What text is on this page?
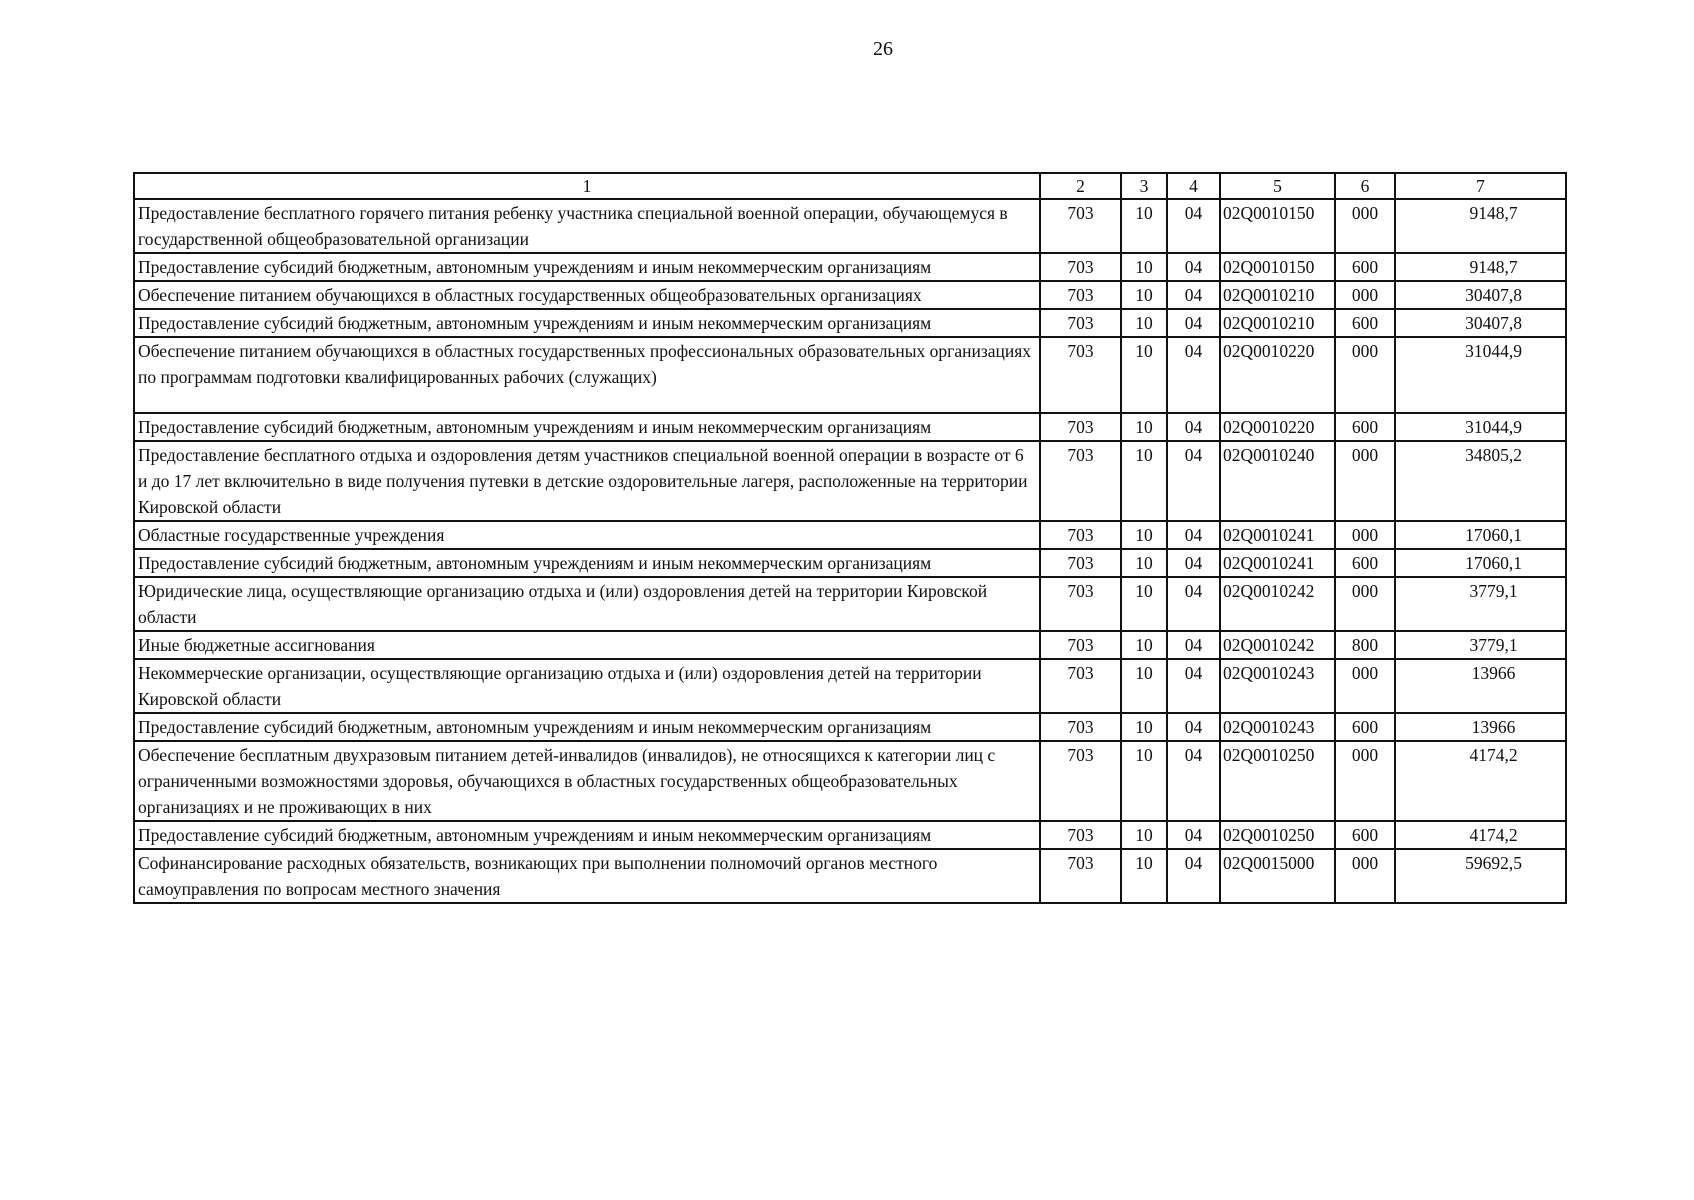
26
1	2	3	4	5	6	7
Предоставление бесплатного горячего питания ребенку участника специальной военной операции, обучающемуся в государственной общеобразовательной организации	703	10	04	02Q0010150	000	9148,7
Предоставление субсидий бюджетным, автономным учреждениям и иным некоммерческим организациям	703	10	04	02Q0010150	600	9148,7
Обеспечение питанием обучающихся в областных государственных общеобразовательных организациях	703	10	04	02Q0010210	000	30407,8
Предоставление субсидий бюджетным, автономным учреждениям и иным некоммерческим организациям	703	10	04	02Q0010210	600	30407,8
Обеспечение питанием обучающихся в областных государственных профессиональных образовательных организациях по программам подготовки квалифицированных рабочих (служащих)	703	10	04	02Q0010220	000	31044,9
Предоставление субсидий бюджетным, автономным учреждениям и иным некоммерческим организациям	703	10	04	02Q0010220	600	31044,9
Предоставление бесплатного отдыха и оздоровления детям участников специальной военной операции в возрасте от 6 и до 17 лет включительно в виде получения путевки в детские оздоровительные лагеря, расположенные на территории Кировской области	703	10	04	02Q0010240	000	34805,2
Областные государственные учреждения	703	10	04	02Q0010241	000	17060,1
Предоставление субсидий бюджетным, автономным учреждениям и иным некоммерческим организациям	703	10	04	02Q0010241	600	17060,1
Юридические лица, осуществляющие организацию отдыха и (или) оздоровления детей на территории Кировской области	703	10	04	02Q0010242	000	3779,1
Иные бюджетные ассигнования	703	10	04	02Q0010242	800	3779,1
Некоммерческие организации, осуществляющие организацию отдыха и (или) оздоровления детей на территории Кировской области	703	10	04	02Q0010243	000	13966
Предоставление субсидий бюджетным, автономным учреждениям и иным некоммерческим организациям	703	10	04	02Q0010243	600	13966
Обеспечение бесплатным двухразовым питанием детей-инвалидов (инвалидов), не относящихся к категории лиц с ограниченными возможностями здоровья, обучающихся в областных государственных общеобразовательных организациях и не проживающих в них	703	10	04	02Q0010250	000	4174,2
Предоставление субсидий бюджетным, автономным учреждениям и иным некоммерческим организациям	703	10	04	02Q0010250	600	4174,2
Софинансирование расходных обязательств, возникающих при выполнении полномочий органов местного самоуправления по вопросам местного значения	703	10	04	02Q0015000	000	59692,5
